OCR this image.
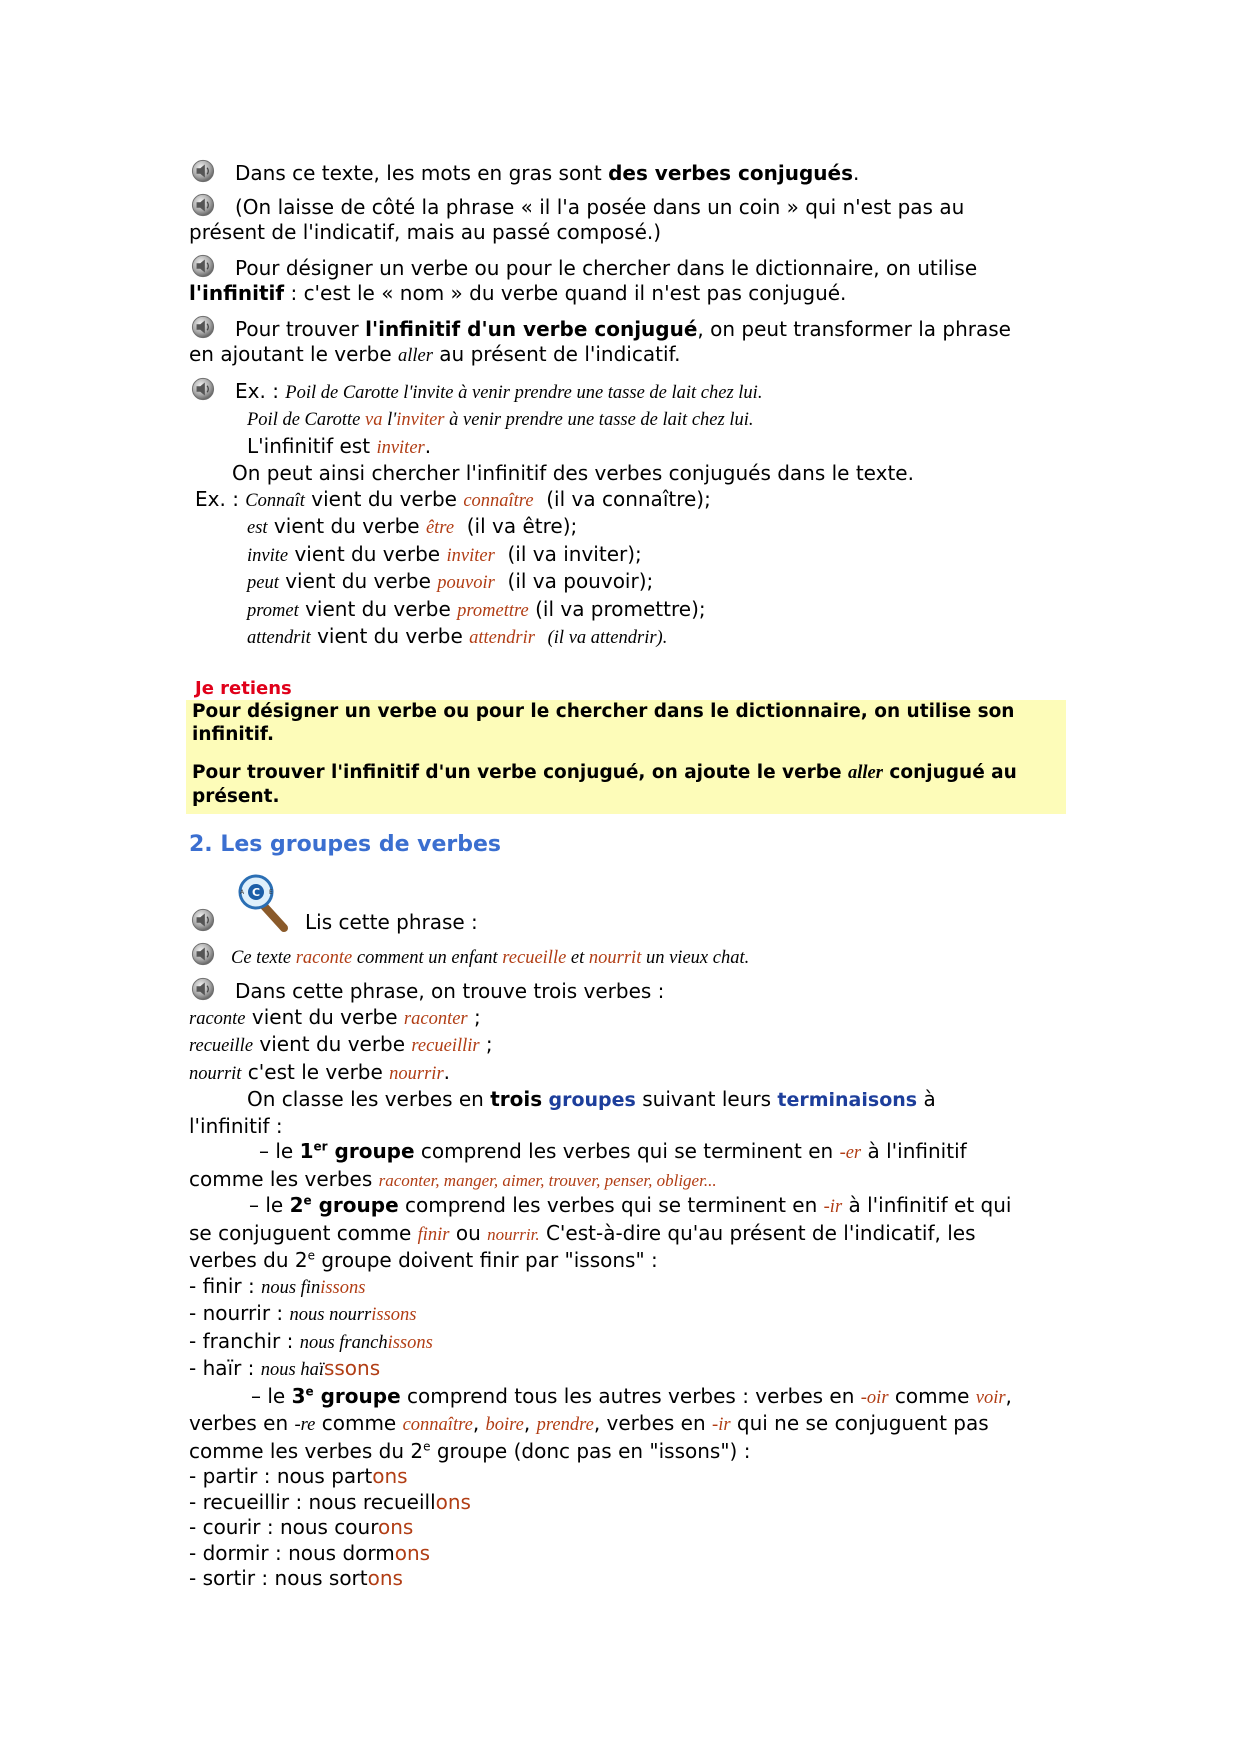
Dans ce texte, les mots en gras sont des verbes conjugués.

(On laisse de côté la phrase « il l'a posée dans un coin » qui n'est pas au
présent de l'indicatif, mais au passé composé.)

Pour désigner un verbe ou pour le chercher dans le dictionnaire, on utilise
l'infinitif : c'est le « nom » du verbe quand il n'est pas conjugué.

Pour trouver l'infinitif d'un verbe conjugué, on peut transformer la phrase
en ajoutant le verbe aller au présent de l'indicatif.

Ex. : Poil de Carotte l'invite à venir prendre une tasse de lait chez lui.

Poil de Carotte va l'inviter à venir prendre une tasse de lait chez lui.

L'infinitif est inviter.

On peut ainsi chercher l'infinitif des verbes conjugués dans le texte.

Ex. : Connaît vient du verbe connaître (il va connaître);

est vient du verbe être (il va être);

invite vient du verbe inviter (il va inviter);

peut vient du verbe pouvoir (il va pouvoir);

promet vient du verbe promettre (il va promettre);

attendrit vient du verbe attendrir (il va attendrir).

Je retiens

Pour désigner un verbe ou pour le chercher dans le dictionnaire, on utilise son infinitif.

Pour trouver l'infinitif d'un verbe conjugué, on ajoute le verbe aller conjugué au présent.

2. Les groupes de verbes
C
A	E
Lis cette phrase :

Ce texte raconte comment un enfant recueille et nourrit un vieux chat.

Dans cette phrase, on trouve trois verbes :

raconte vient du verbe raconter ;

recueille vient du verbe recueillir ;

nourrit c'est le verbe nourrir.

On classe les verbes en trois groupes suivant leurs terminaisons à
l'infinitif :

– le 1er groupe comprend les verbes qui se terminent en -er à l'infinitif
comme les verbes raconter, manger, aimer, trouver, penser, obliger...

– le 2e groupe comprend les verbes qui se terminent en -ir à l'infinitif et qui
se conjuguent comme finir ou nourrir. C'est-à-dire qu'au présent de l'indicatif, les
verbes du 2e groupe doivent finir par "issons" :

- finir : nous finissons

- nourrir : nous nourrissons

- franchir : nous franchissons

- haïr : nous haïssons

– le 3e groupe comprend tous les autres verbes : verbes en -oir comme voir,
verbes en -re comme connaître, boire, prendre, verbes en -ir qui ne se conjuguent pas
comme les verbes du 2e groupe (donc pas en "issons") :

- partir : nous partons

- recueillir : nous recueillons

- courir : nous courons

- dormir : nous dormons

- sortir : nous sortons
